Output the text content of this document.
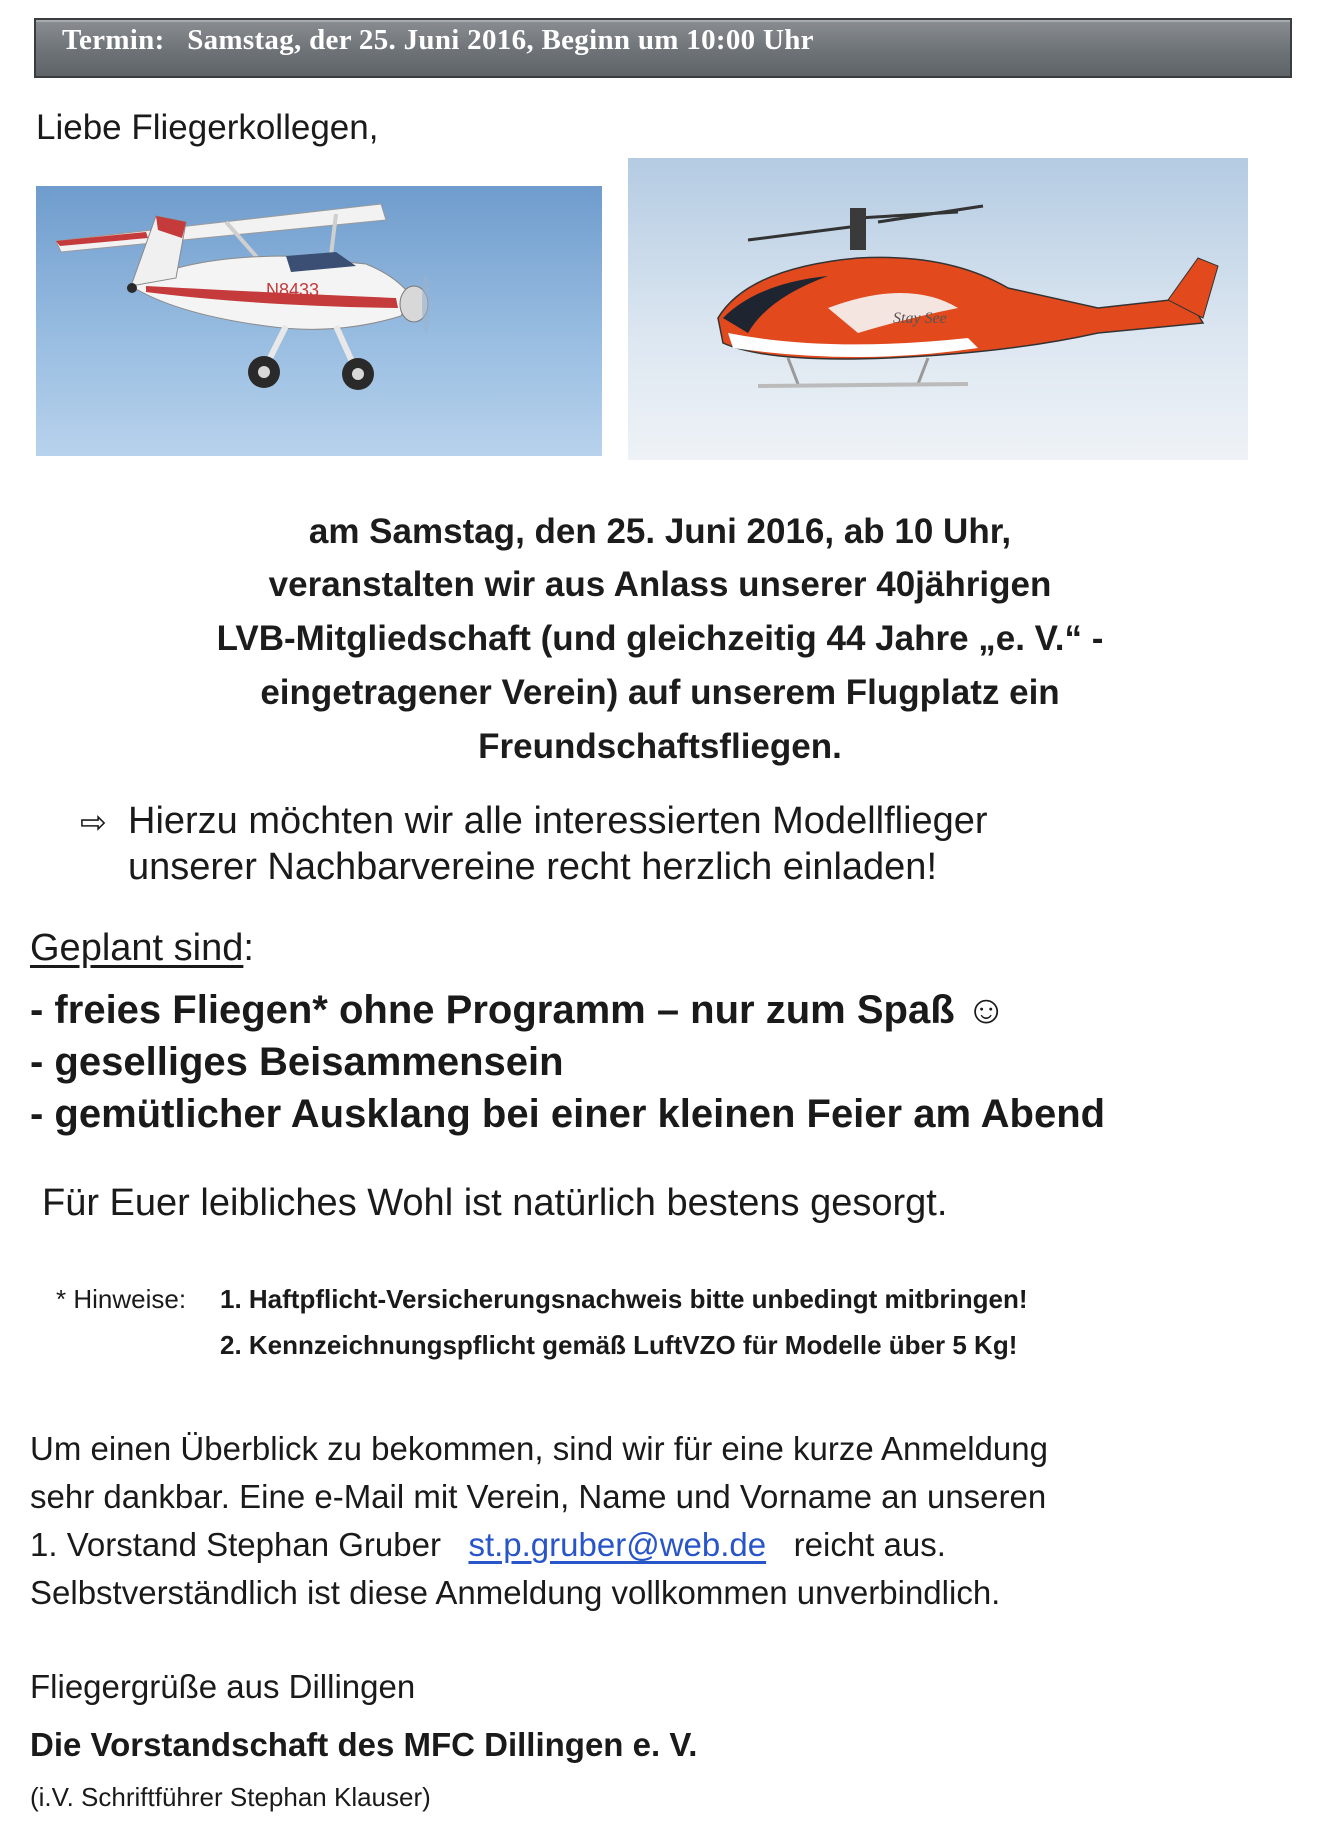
Termin: Samstag, der 25. Juni 2016, Beginn um 10:00 Uhr
Liebe Fliegerkollegen,
N8433
Stay See
am Samstag, den 25. Juni 2016, ab 10 Uhr,
veranstalten wir aus Anlass unserer 40jährigen
LVB-Mitgliedschaft (und gleichzeitig 44 Jahre „e. V.“ -
eingetragener Verein) auf unserem Flugplatz ein
Freundschaftsfliegen.
⇨ Hierzu möchten wir alle interessierten Modellflieger
unserer Nachbarvereine recht herzlich einladen!
Geplant sind:
- freies Fliegen* ohne Programm – nur zum Spaß ☺
- geselliges Beisammensein
- gemütlicher Ausklang bei einer kleinen Feier am Abend
Für Euer leibliches Wohl ist natürlich bestens gesorgt.
* Hinweise: 1. Haftpflicht-Versicherungsnachweis bitte unbedingt mitbringen!
2. Kennzeichnungspflicht gemäß LuftVZO für Modelle über 5 Kg!
Um einen Überblick zu bekommen, sind wir für eine kurze Anmeldung
sehr dankbar. Eine e-Mail mit Verein, Name und Vorname an unseren
1. Vorstand Stephan Gruber st.p.gruber@web.de reicht aus.
Selbstverständlich ist diese Anmeldung vollkommen unverbindlich.
Fliegergrüße aus Dillingen
Die Vorstandschaft des MFC Dillingen e. V.
(i.V. Schriftführer Stephan Klauser)
